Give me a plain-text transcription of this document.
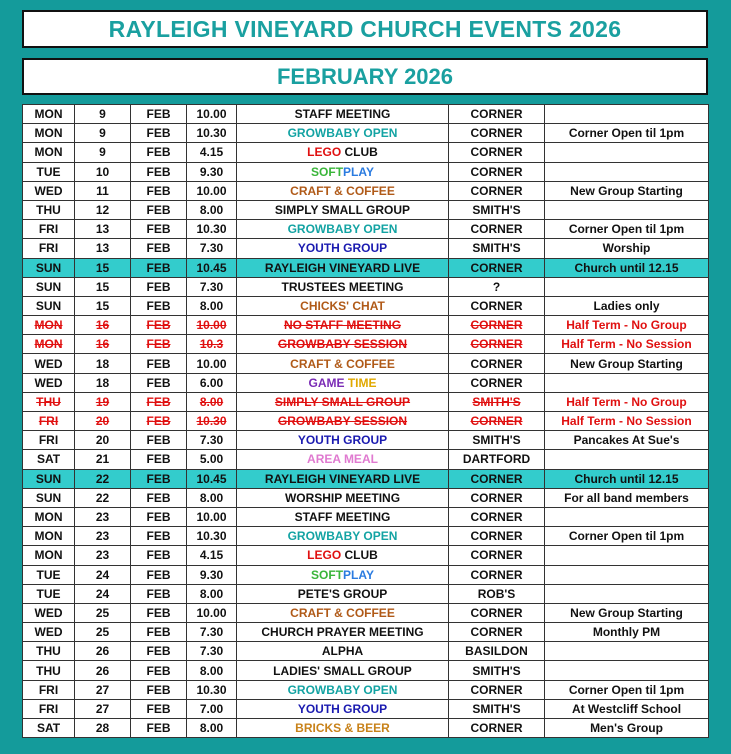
RAYLEIGH VINEYARD CHURCH EVENTS 2026
FEBRUARY 2026
MON	9	FEB	10.00	STAFF MEETING	CORNER	
MON	9	FEB	10.30	GROWBABY OPEN	CORNER	Corner Open til 1pm
MON	9	FEB	4.15	LEGO CLUB	CORNER	
TUE	10	FEB	9.30	SOFTPLAY	CORNER	
WED	11	FEB	10.00	CRAFT & COFFEE	CORNER	New Group Starting
THU	12	FEB	8.00	SIMPLY SMALL GROUP	SMITH'S	
FRI	13	FEB	10.30	GROWBABY OPEN	CORNER	Corner Open til 1pm
FRI	13	FEB	7.30	YOUTH GROUP	SMITH'S	Worship
SUN	15	FEB	10.45	RAYLEIGH VINEYARD LIVE	CORNER	Church until 12.15
SUN	15	FEB	7.30	TRUSTEES MEETING	?	
SUN	15	FEB	8.00	CHICKS' CHAT	CORNER	Ladies only
MON	16	FEB	10.00	NO STAFF MEETING	CORNER	Half Term - No Group
MON	16	FEB	10.3	GROWBABY SESSION	CORNER	Half Term - No Session
WED	18	FEB	10.00	CRAFT & COFFEE	CORNER	New Group Starting
WED	18	FEB	6.00	GAME TIME	CORNER	
THU	19	FEB	8.00	SIMPLY SMALL GROUP	SMITH'S	Half Term - No Group
FRI	20	FEB	10.30	GROWBABY SESSION	CORNER	Half Term - No Session
FRI	20	FEB	7.30	YOUTH GROUP	SMITH'S	Pancakes At Sue's
SAT	21	FEB	5.00	AREA MEAL	DARTFORD	
SUN	22	FEB	10.45	RAYLEIGH VINEYARD LIVE	CORNER	Church until 12.15
SUN	22	FEB	8.00	WORSHIP MEETING	CORNER	For all band members
MON	23	FEB	10.00	STAFF MEETING	CORNER	
MON	23	FEB	10.30	GROWBABY OPEN	CORNER	Corner Open til 1pm
MON	23	FEB	4.15	LEGO CLUB	CORNER	
TUE	24	FEB	9.30	SOFTPLAY	CORNER	
TUE	24	FEB	8.00	PETE'S GROUP	ROB'S	
WED	25	FEB	10.00	CRAFT & COFFEE	CORNER	New Group Starting
WED	25	FEB	7.30	CHURCH PRAYER MEETING	CORNER	Monthly PM
THU	26	FEB	7.30	ALPHA	BASILDON	
THU	26	FEB	8.00	LADIES' SMALL GROUP	SMITH'S	
FRI	27	FEB	10.30	GROWBABY OPEN	CORNER	Corner Open til 1pm
FRI	27	FEB	7.00	YOUTH GROUP	SMITH'S	At Westcliff School
SAT	28	FEB	8.00	BRICKS & BEER	CORNER	Men's Group
